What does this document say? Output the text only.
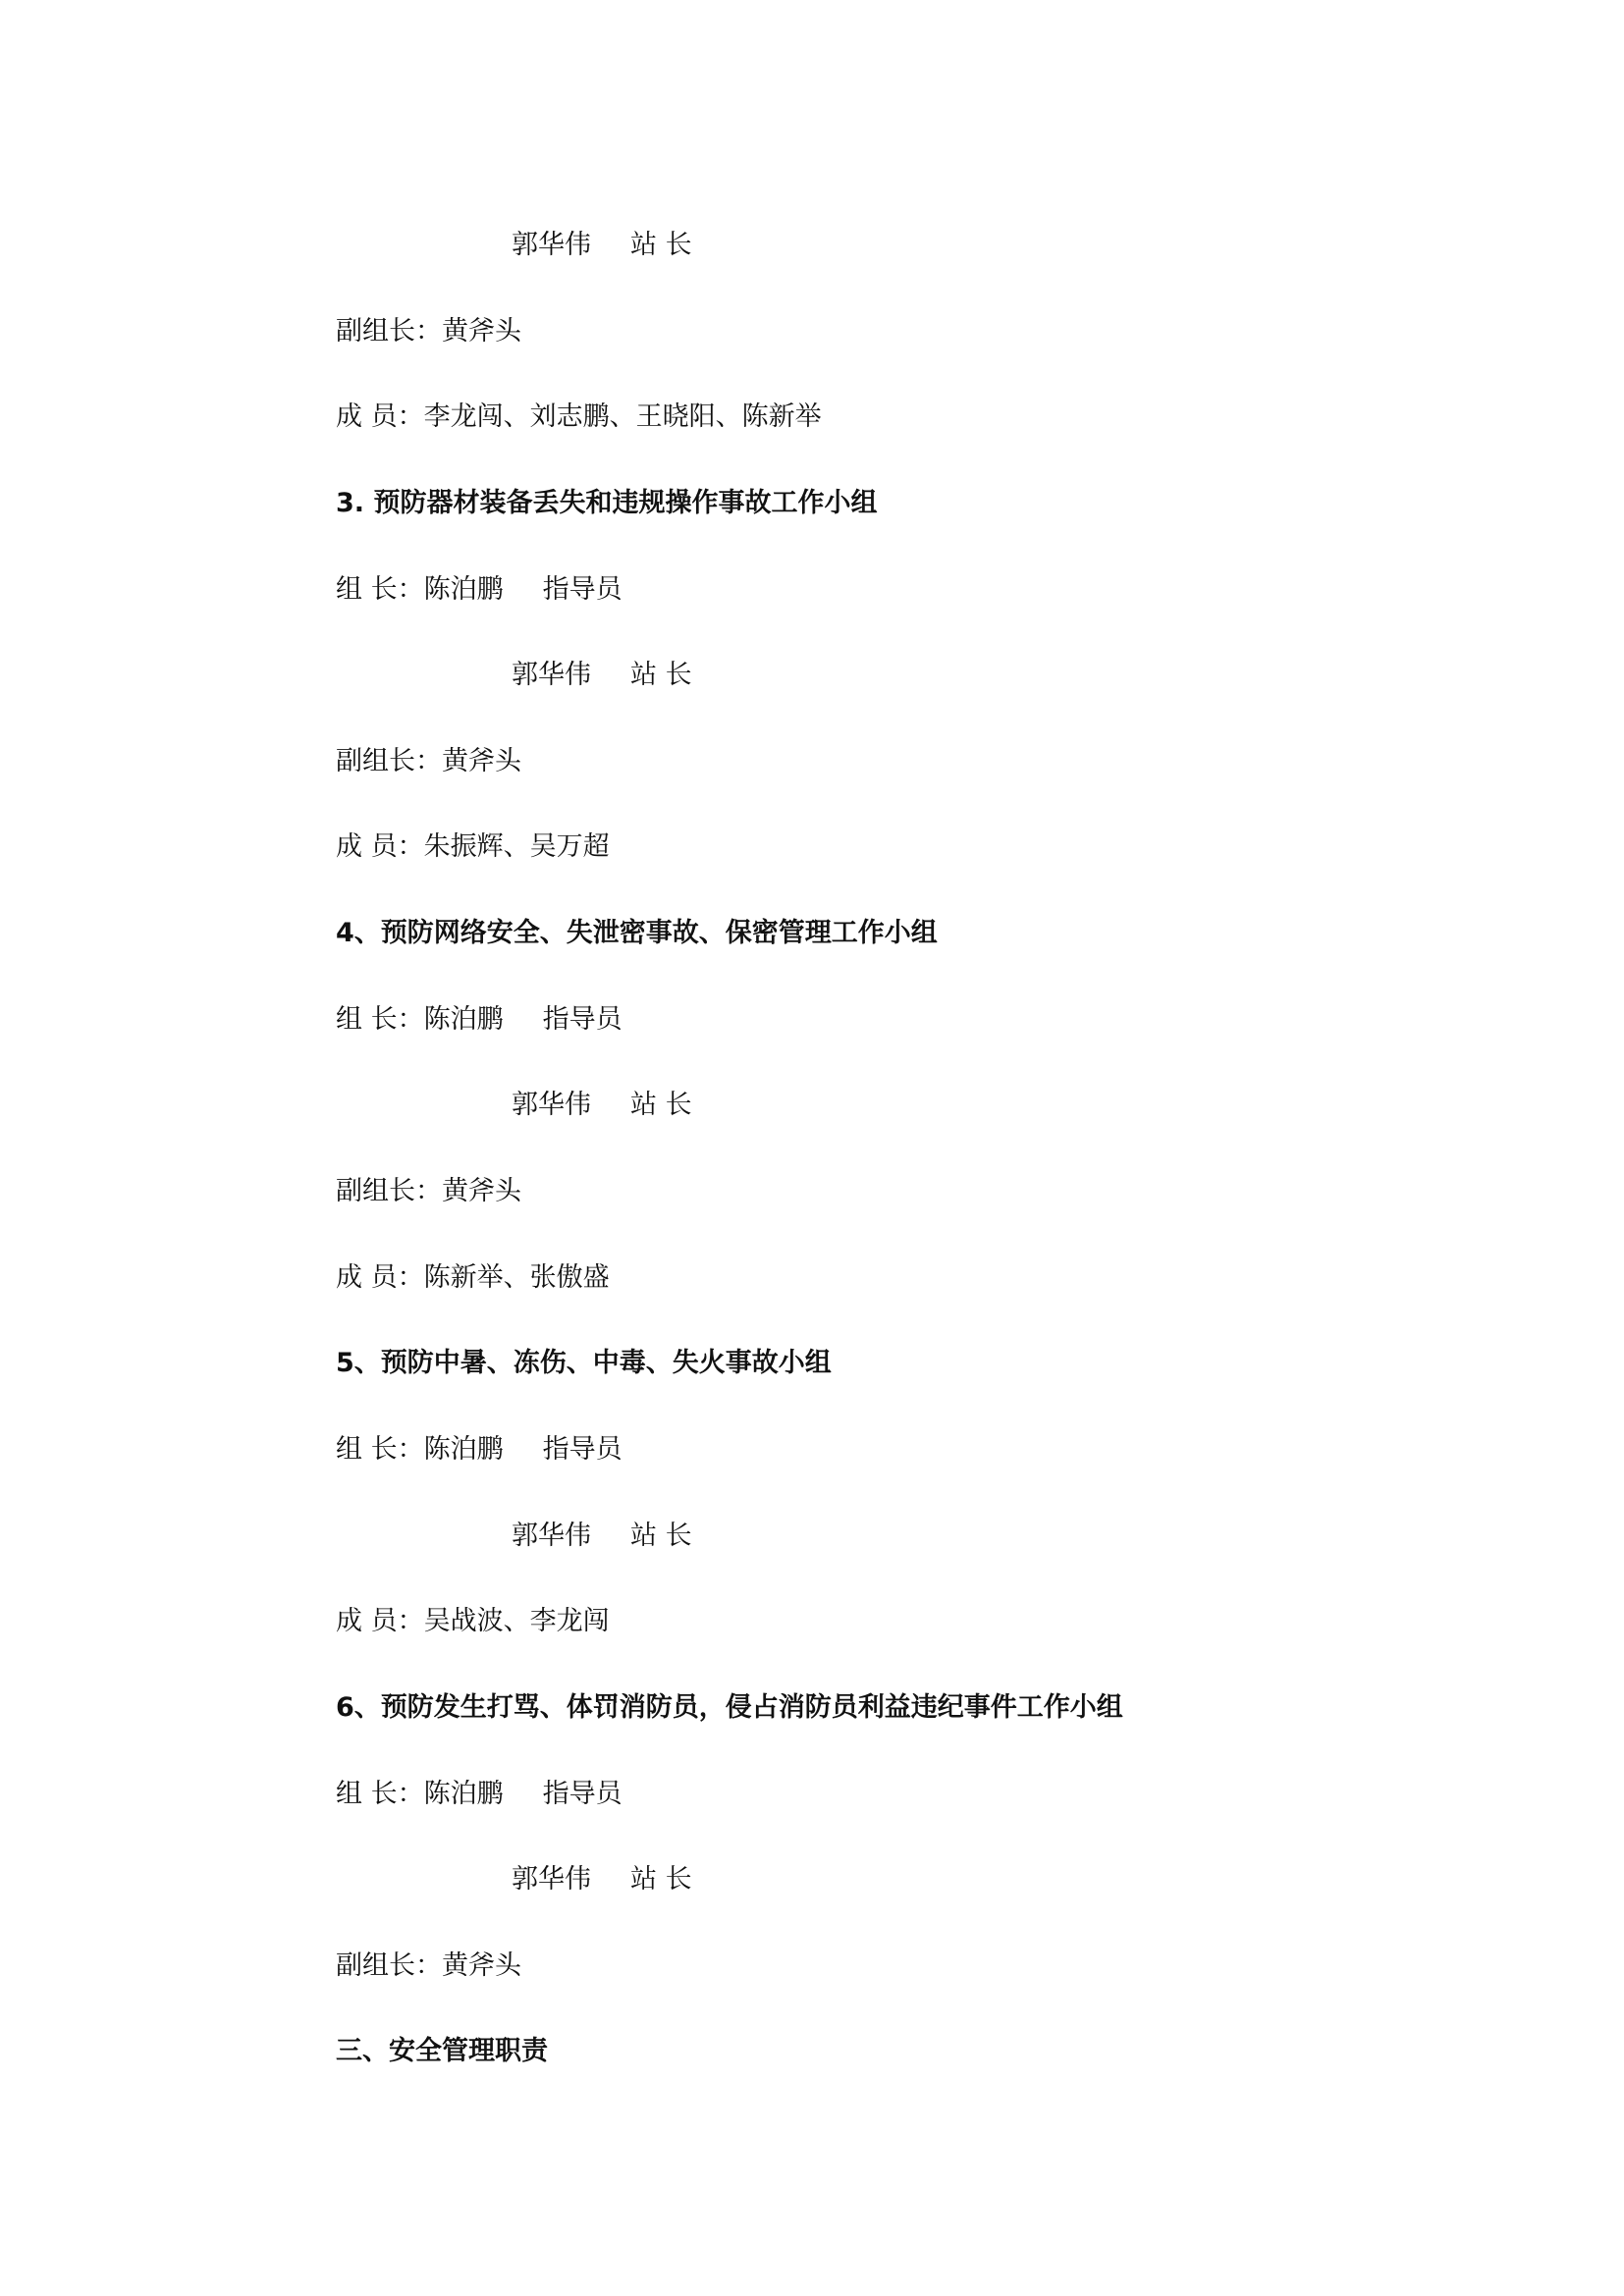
郭华伟 站 长

副组长：黄斧头

成 员：李龙闯、刘志鹏、王晓阳、陈新举

3. 预防器材装备丢失和违规操作事故工作小组

组 长：陈泊鹏 指导员

郭华伟 站 长

副组长：黄斧头

成 员：朱振辉、吴万超

4、预防网络安全、失泄密事故、保密管理工作小组

组 长：陈泊鹏 指导员

郭华伟 站 长

副组长：黄斧头

成 员：陈新举、张傲盛

5、预防中暑、冻伤、中毒、失火事故小组

组 长：陈泊鹏 指导员

郭华伟 站 长

成 员：吴战波、李龙闯

6、预防发生打骂、体罚消防员，侵占消防员利益违纪事件工作小组

组 长：陈泊鹏 指导员

郭华伟 站 长

副组长：黄斧头

三、安全管理职责
